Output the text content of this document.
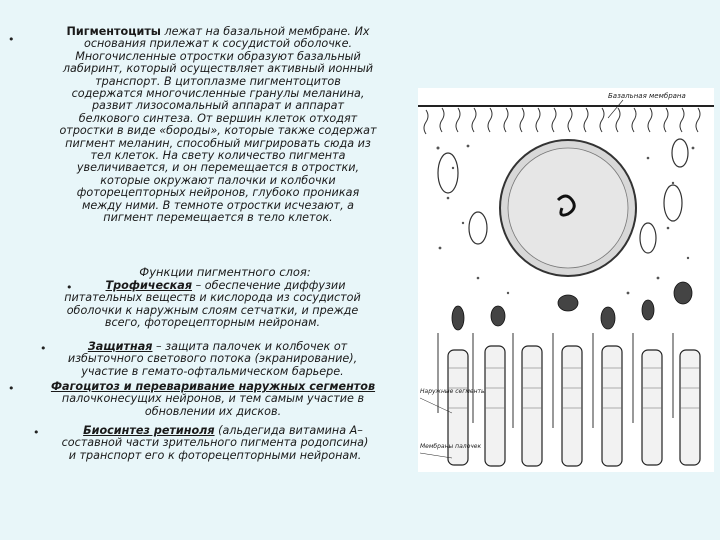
•
Пигментоциты лежат на базальной мембране. Их
основания прилежат к сосудистой оболочке.
Многочисленные отростки образуют базальный
лабиринт, который осуществляет активный ионный
транспорт. В цитоплазме пигментоцитов
содержатся многочисленные гранулы меланина,
развит лизосомальный аппарат и аппарат
белкового синтеза. От вершин клеток отходят
отростки в виде «бороды», которые также содержат
пигмент меланин, способный мигрировать сюда из
тел клеток. На свету количество пигмента
увеличивается, и он перемещается в отростки,
которые окружают палочки и колбочки
фоторецепторных нейронов, глубоко проникая
между ними. В темноте отростки исчезают, а
пигмент перемещается в тело клеток.
Функции пигментного слоя:
•	Трофическая – обеспечение диффузии
питательных веществ и кислорода из сосудистой
оболочки к наружным слоям сетчатки, и прежде
всего, фоторецепторным нейронам.
•	Защитная – защита палочек и колбочек от
избыточного светового потока (экранирование),
участие в гемато-офтальмическом барьере.
•	Фагоцитоз и переваривание наружных сегментов
палочконесущих нейронов, и тем самым участие в
обновлении их дисков.
•	Биосинтез ретиноля (альдегида витамина А–
составной части зрительного пигмента родопсина)
и транспорт его к фоторецепторными нейронам.
Базальная мембрана
Наружные сегменты
Мембраны палочек
